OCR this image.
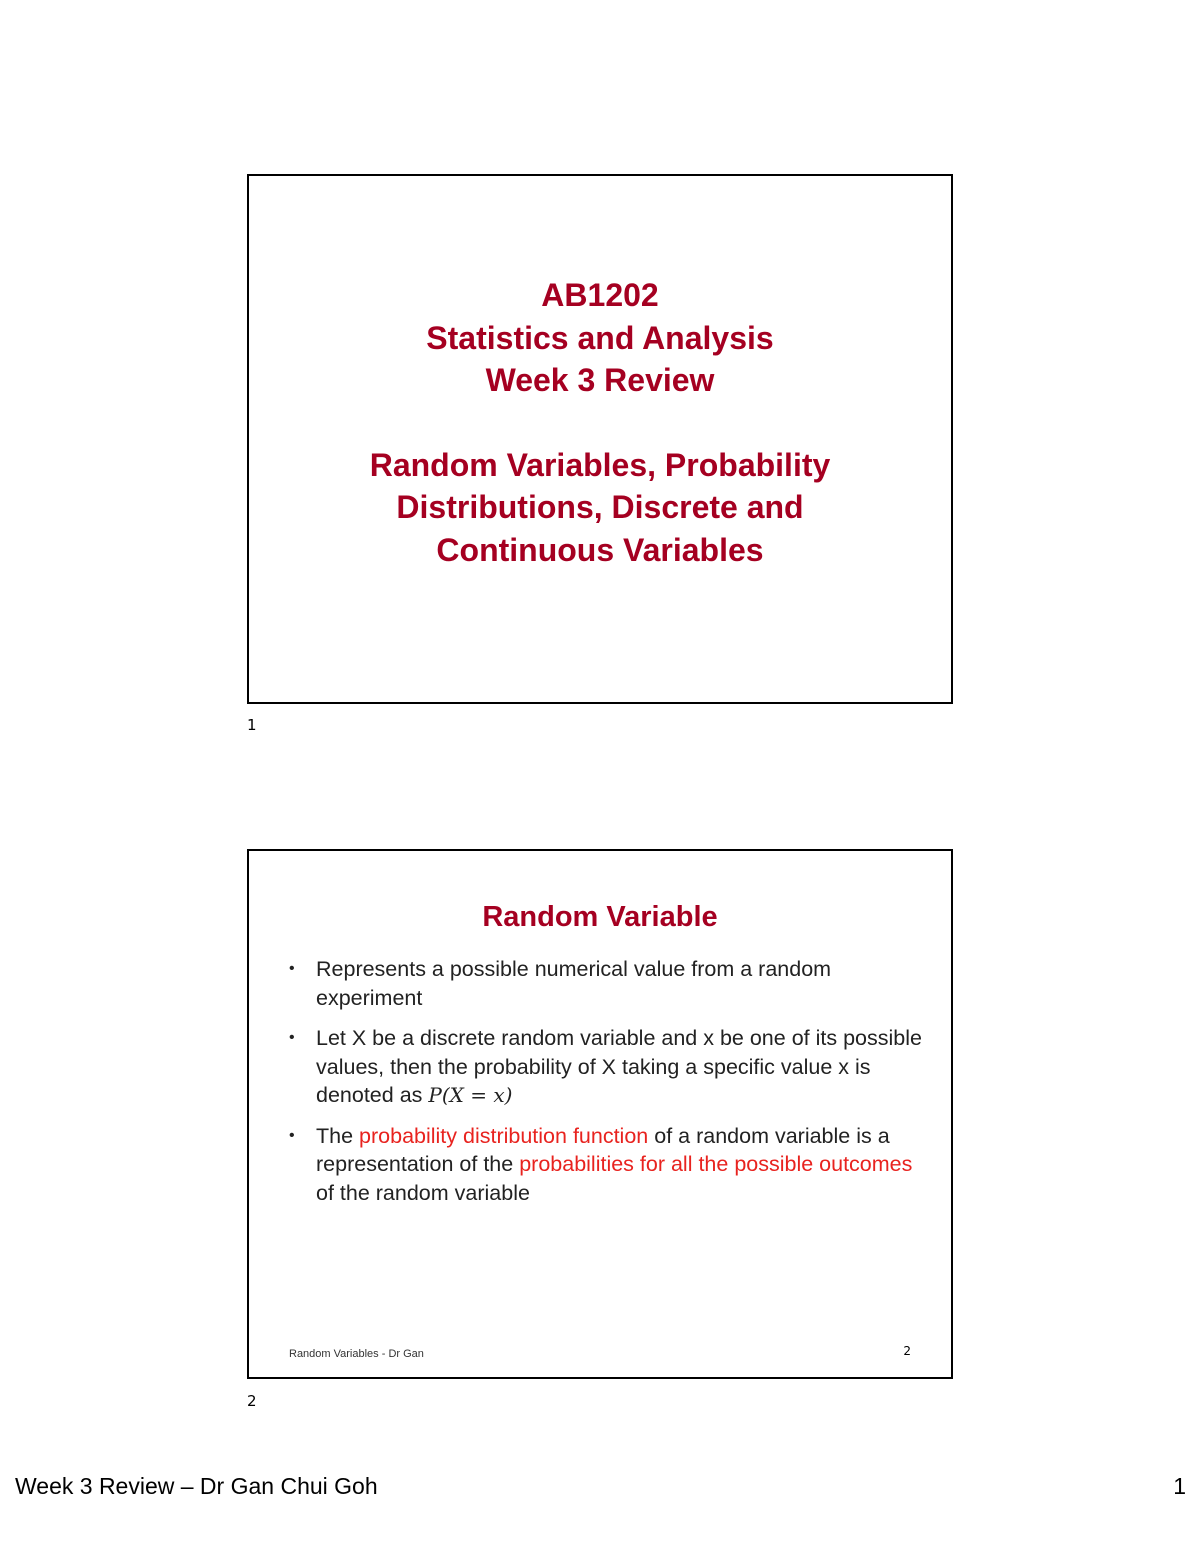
AB1202
Statistics and Analysis
Week 3 Review
Random Variables, Probability
Distributions, Discrete and
Continuous Variables
1
Random Variable
• Represents a possible numerical value from a random experiment
• Let X be a discrete random variable and x be one of its possible values, then the probability of X taking a specific value x is denoted as P(X = x)
• The probability distribution function of a random variable is a representation of the probabilities for all the possible outcomes of the random variable
Random Variables - Dr Gan	2
2
Week 3 Review – Dr Gan Chui Goh	1
